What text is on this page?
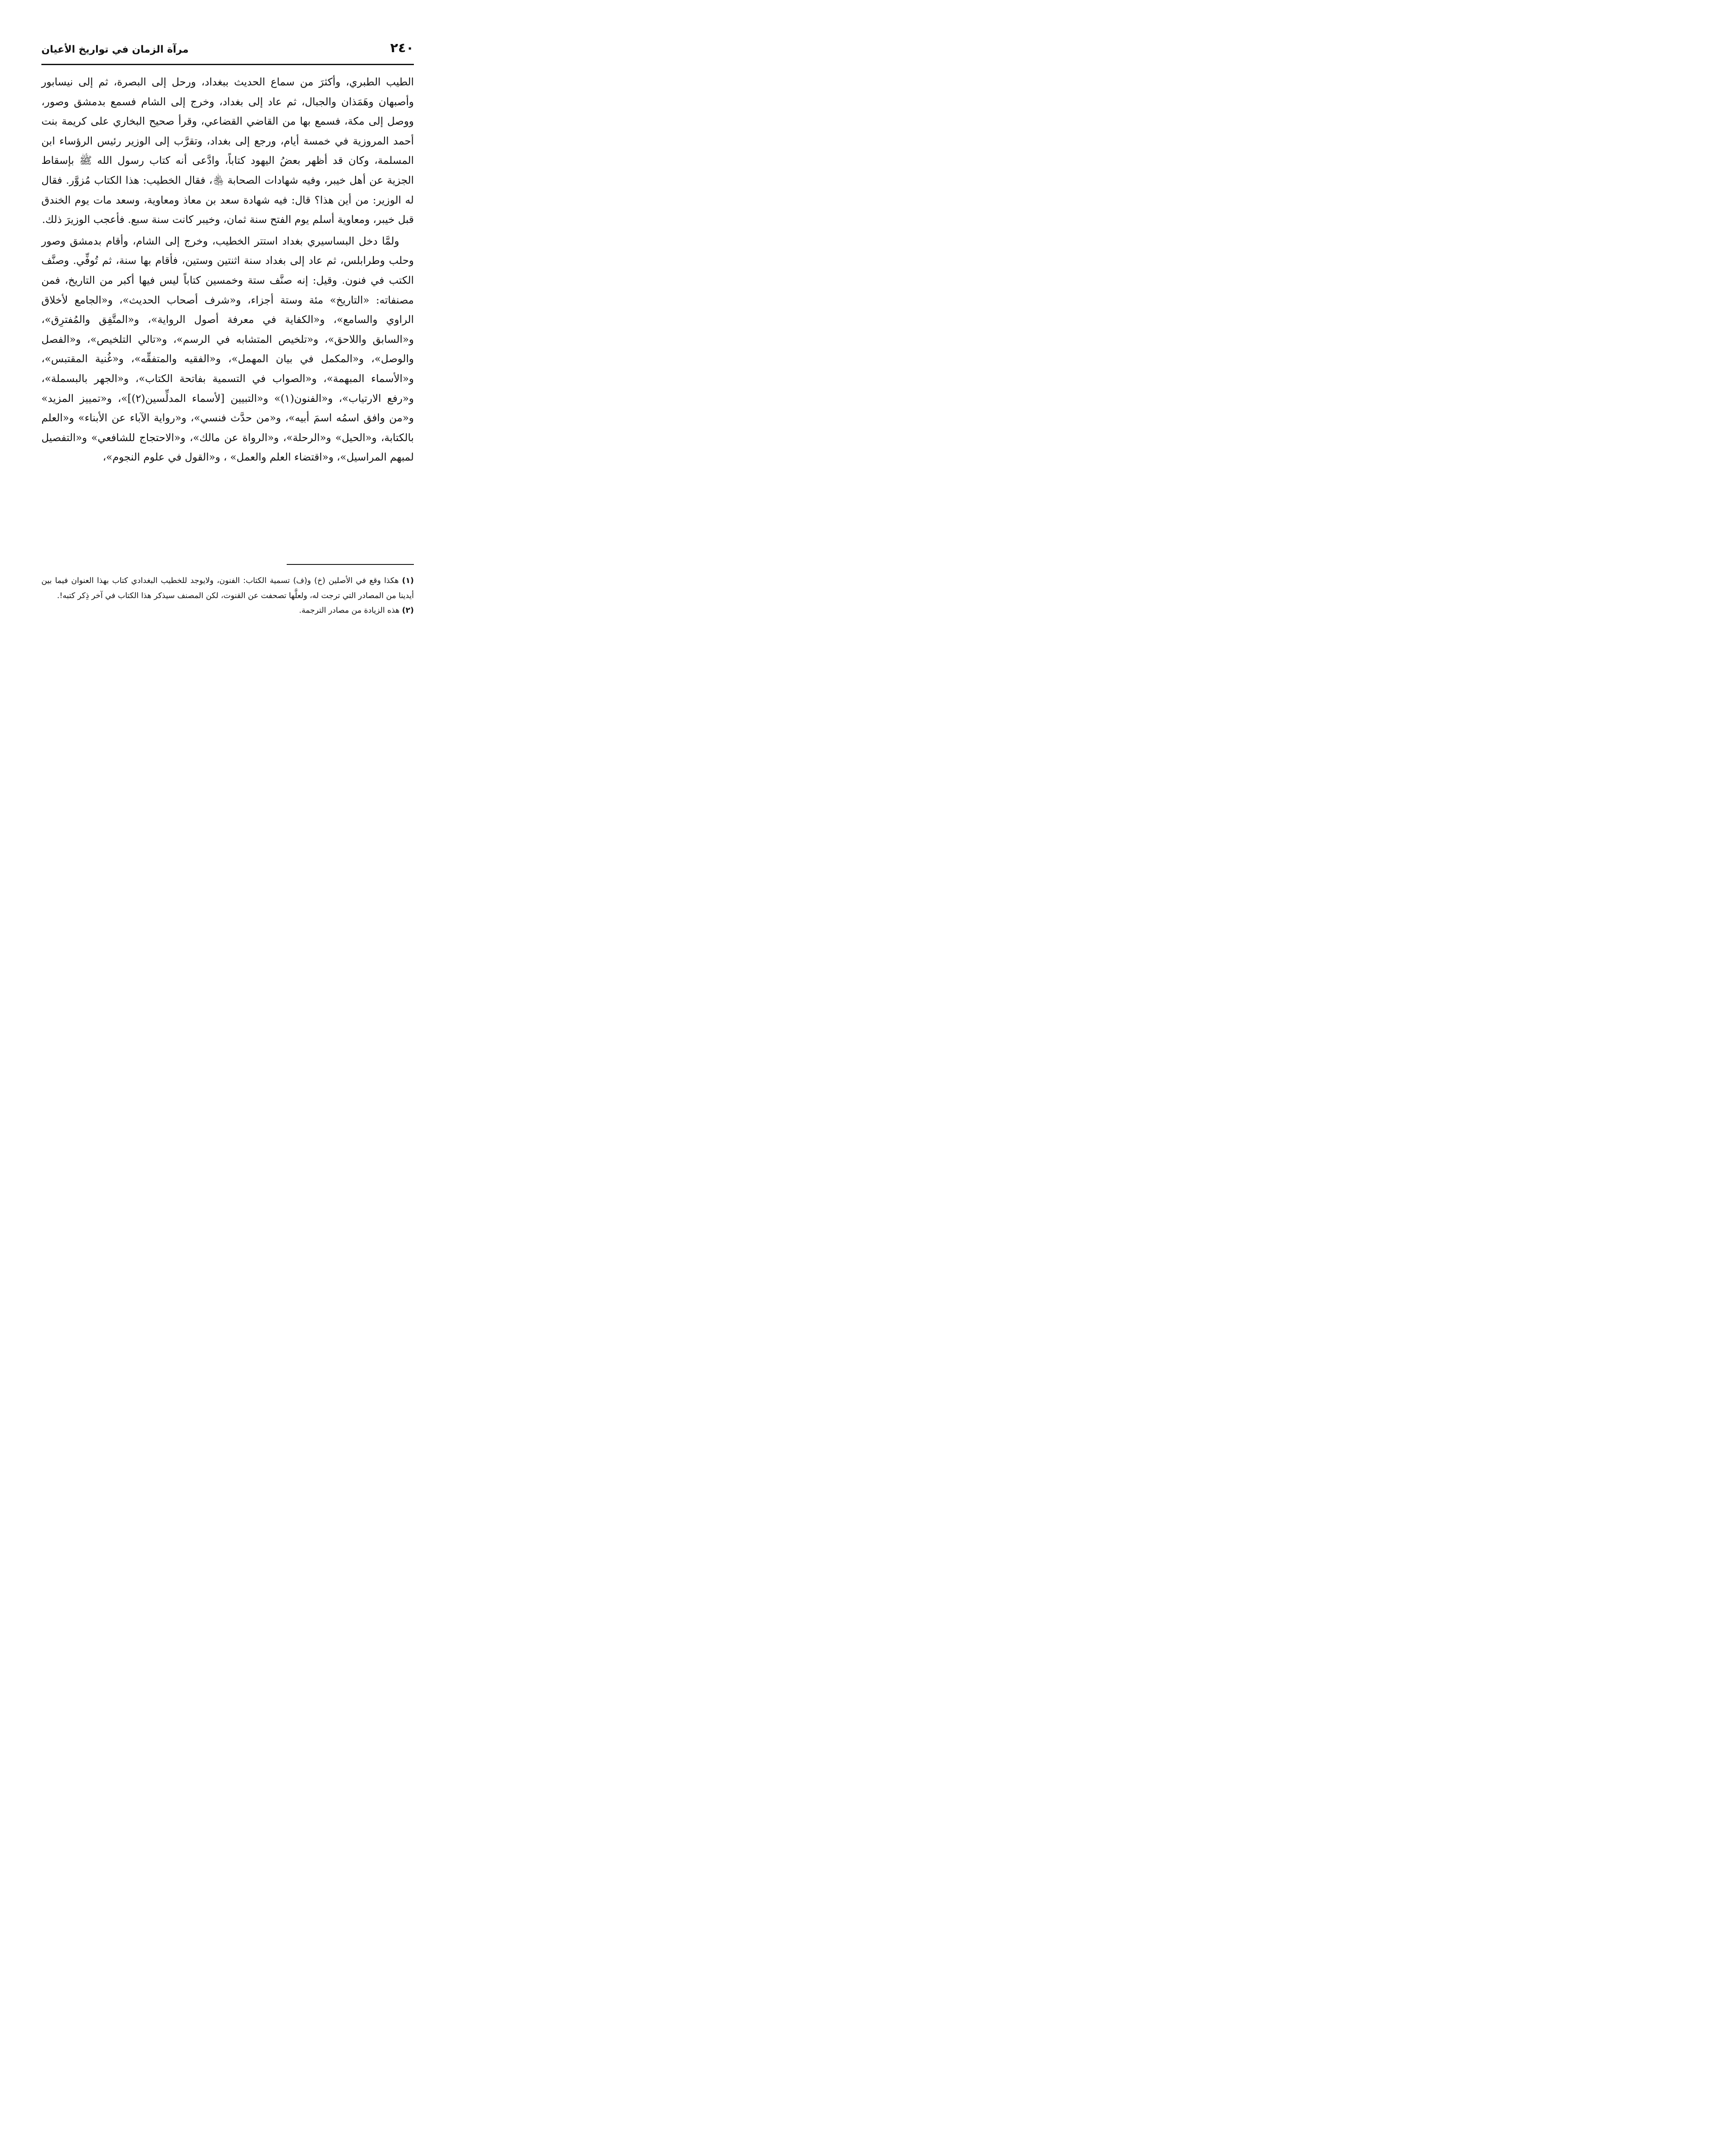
٢٤٠
مرآة الزمان في تواريخ الأعيان

الطيب الطبري، وأكثرَ من سماع الحديث ببغداد، ورحل إلى البصرة، ثم إلى نيسابور وأصبهان وهَمَذان والجبال، ثم عاد إلى بغداد، وخرج إلى الشام فسمع بدمشق وصور، ووصل إلى مكة، فسمع بها من القاضي القضاعي، وقرأ صحيح البخاري على كريمة بنت أحمد المروزية في خمسة أيام، ورجع إلى بغداد، وتقرَّب إلى الوزير رئيس الرؤساء ابن المسلمة، وكان قد أظهر بعضُ اليهود كتاباً، وادَّعى أنه كتاب رسول الله ﷺ بإسقاط الجزية عن أهل خيبر، وفيه شهادات الصحابة ﵃، فقال الخطيب: هذا الكتاب مُزوَّر. فقال له الوزير: من أين هذا؟ قال: فيه شهادة سعد بن معاذ ومعاوية، وسعد مات يوم الخندق قبل خيبر، ومعاوية أسلم يوم الفتح سنة ثمان، وخيبر كانت سنة سبع. فأعجب الوزيرَ ذلك.

ولمَّا دخل البساسيري بغداد استتر الخطيب، وخرج إلى الشام، وأقام بدمشق وصور وحلب وطرابلس، ثم عاد إلى بغداد سنة اثنتين وستين، فأقام بها سنة، ثم تُوفِّي. وصنَّف الكتب في فنون. وقيل: إنه صنَّف ستة وخمسين كتاباً ليس فيها أكبر من التاريخ، فمن مصنفاته: «التاريخ» مئة وستة أجزاء، و«شرف أصحاب الحديث»، و«الجامع لأخلاق الراوي والسامع»، و«الكفاية في معرفة أصول الرواية»، و«المتَّفِق والمُفترِق»، و«السابق واللاحق»، و«تلخيص المتشابه في الرسم»، و«تالي التلخيص»، و«الفصل والوصل»، و«المكمل في بيان المهمل»، و«الفقيه والمتفقِّه»، و«غُنية المقتبس»، و«الأسماء المبهمة»، و«الصواب في التسمية بفاتحة الكتاب»، و«الجهر بالبسملة»، و«رفع الارتياب»، و«الفنون(١)» و«التبيين [لأسماء المدلِّسين(٢)]»، و«تمييز المزيد» و«من وافق اسمُه اسمَ أبيه»، و«من حدَّث فنسي»، و«رواية الآباء عن الأبناء» و«العلم بالكتابة، و«الحيل» و«الرحلة»، و«الرواة عن مالك»، و«الاحتجاج للشافعي» و«التفصيل لمبهم المراسيل»، و«اقتضاء العلم والعمل» ، و«القول في علوم النجوم»،

(١) هكذا وقع في الأصلين (خ) و(ف) تسمية الكتاب: الفنون، ولايوجد للخطيب البغدادي كتاب بهذا العنوان فيما بين أيدينا من المصادر التي ترجت له، ولعلَّها تصحفت عن القنوت، لكن المصنف سيذكر هذا الكتاب في آخر ذِكر كتبه!.

(٢) هذه الزيادة من مصادر الترجمة.
